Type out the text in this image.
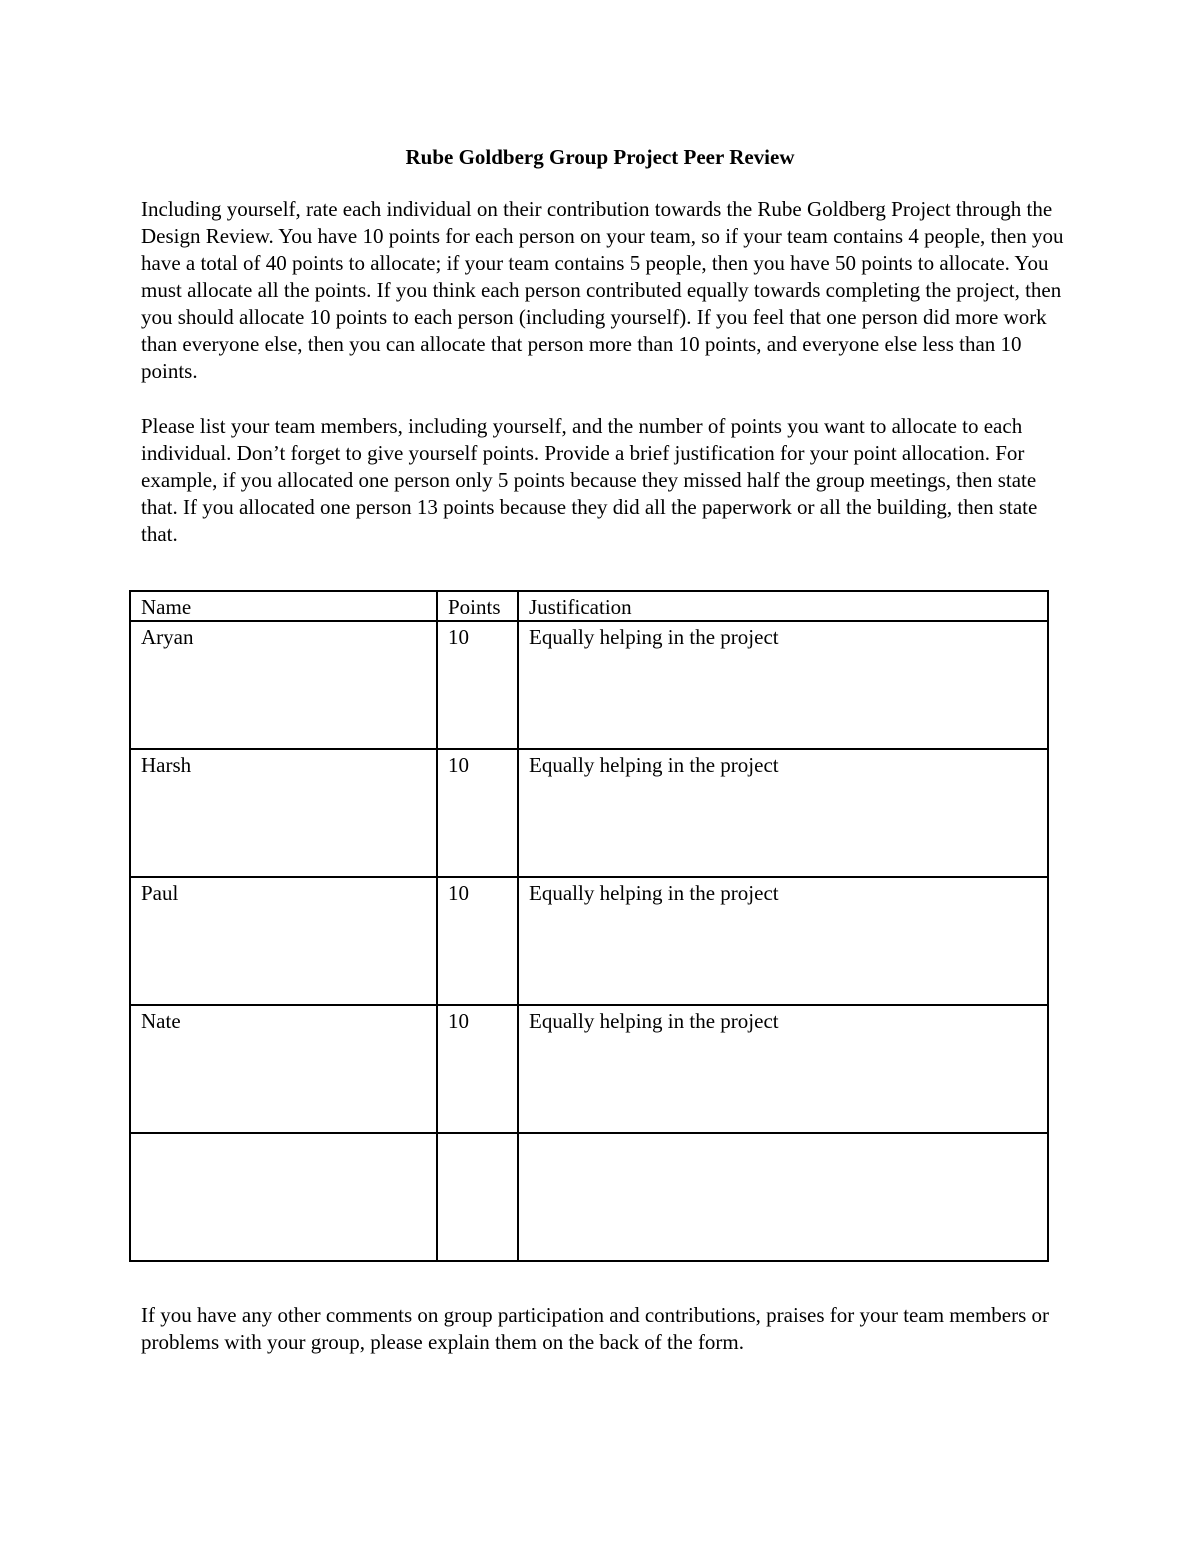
Rube Goldberg Group Project Peer Review

Including yourself, rate each individual on their contribution towards the Rube Goldberg Project through the Design Review. You have 10 points for each person on your team, so if your team contains 4 people, then you have a total of 40 points to allocate; if your team contains 5 people, then you have 50 points to allocate. You must allocate all the points. If you think each person contributed equally towards completing the project, then you should allocate 10 points to each person (including yourself). If you feel that one person did more work than everyone else, then you can allocate that person more than 10 points, and everyone else less than 10 points.

Please list your team members, including yourself, and the number of points you want to allocate to each individual. Don’t forget to give yourself points. Provide a brief justification for your point allocation. For example, if you allocated one person only 5 points because they missed half the group meetings, then state that. If you allocated one person 13 points because they did all the paperwork or all the building, then state that.

Name	Points	Justification
Aryan	10	Equally helping in the project
Harsh	10	Equally helping in the project
Paul	10	Equally helping in the project
Nate	10	Equally helping in the project

If you have any other comments on group participation and contributions, praises for your team members or problems with your group, please explain them on the back of the form.
